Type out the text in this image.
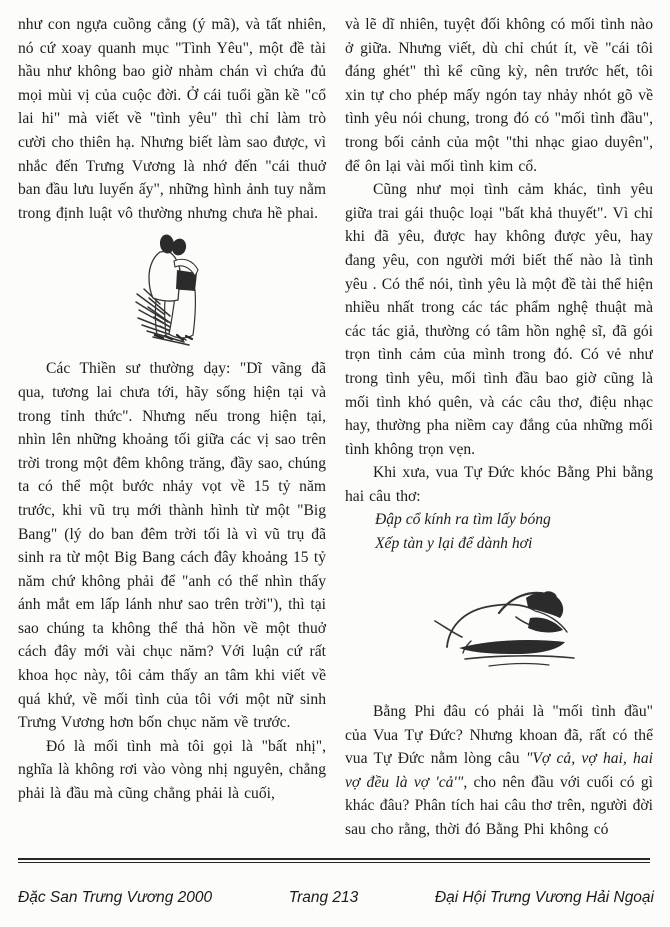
như con ngựa cuồng cẳng (ý mã), và tất nhiên, nó cứ xoay quanh mục "Tình Yêu", một đề tài hầu như không bao giờ nhàm chán vì chứa đủ mọi mùi vị của cuộc đời. Ở cái tuổi gần kề "cổ lai hi" mà viết về "tình yêu" thì chỉ làm trò cười cho thiên hạ. Nhưng biết làm sao được, vì nhắc đến Trưng Vương là nhớ đến "cái thuở ban đầu lưu luyến ấy", những hình ảnh tuy nằm trong định luật vô thường nhưng chưa hề phai.

Các Thiền sư thường dạy: "Dĩ vãng đã qua, tương lai chưa tới, hãy sống hiện tại và trong tỉnh thức". Nhưng nếu trong hiện tại, nhìn lên những khoảng tối giữa các vị sao trên trời trong một đêm không trăng, đầy sao, chúng ta có thể một bước nhảy vọt về 15 tỷ năm trước, khi vũ trụ mới thành hình từ một "Big Bang" (lý do ban đêm trời tối là vì vũ trụ đã sinh ra từ một Big Bang cách đây khoảng 15 tỷ năm chứ không phải để "anh có thể nhìn thấy ánh mắt em lấp lánh như sao trên trời"), thì tại sao chúng ta không thể thả hồn về một thuở cách đây mới vài chục năm? Với luận cứ rất khoa học này, tôi cảm thấy an tâm khi viết về quá khứ, về mối tình của tôi với một nữ sinh Trưng Vương hơn bốn chục năm về trước.

Đó là mối tình mà tôi gọi là "bất nhị", nghĩa là không rơi vào vòng nhị nguyên, chẳng phải là đầu mà cũng chẳng phải là cuối,

và lẽ dĩ nhiên, tuyệt đối không có mối tình nào ở giữa. Nhưng viết, dù chỉ chút ít, về "cái tôi đáng ghét" thì kể cũng kỳ, nên trước hết, tôi xin tự cho phép mấy ngón tay nhảy nhót gõ về tình yêu nói chung, trong đó có "mối tình đầu", trong bối cảnh của một "thi nhạc giao duyên", để ôn lại vài mối tình kim cổ.

Cũng như mọi tình cảm khác, tình yêu giữa trai gái thuộc loại "bất khả thuyết". Vì chỉ khi đã yêu, được hay không được yêu, hay đang yêu, con người mới biết thế nào là tình yêu . Có thể nói, tình yêu là một đề tài thể hiện nhiều nhất trong các tác phẩm nghệ thuật mà các tác giả, thường có tâm hồn nghệ sĩ, đã gói trọn tình cảm của mình trong đó. Có vẻ như trong tình yêu, mối tình đầu bao giờ cũng là mối tình khó quên, và các câu thơ, điệu nhạc hay, thường pha niềm cay đắng của những mối tình không trọn vẹn.

Khi xưa, vua Tự Đức khóc Bằng Phi bằng hai câu thơ:

Đập cổ kính ra tìm lấy bóng
Xếp tàn y lại để dành hơi

Bằng Phi đâu có phải là "mối tình đầu" của Vua Tự Đức? Nhưng khoan đã, rất có thể vua Tự Đức nằm lòng câu "Vợ cả, vợ hai, hai vợ đều là vợ 'cả'", cho nên đầu với cuối có gì khác đâu? Phân tích hai câu thơ trên, người đời sau cho rằng, thời đó Bằng Phi không có

Đặc San Trưng Vương 2000	Trang 213	Đại Hội Trưng Vương Hải Ngoại
